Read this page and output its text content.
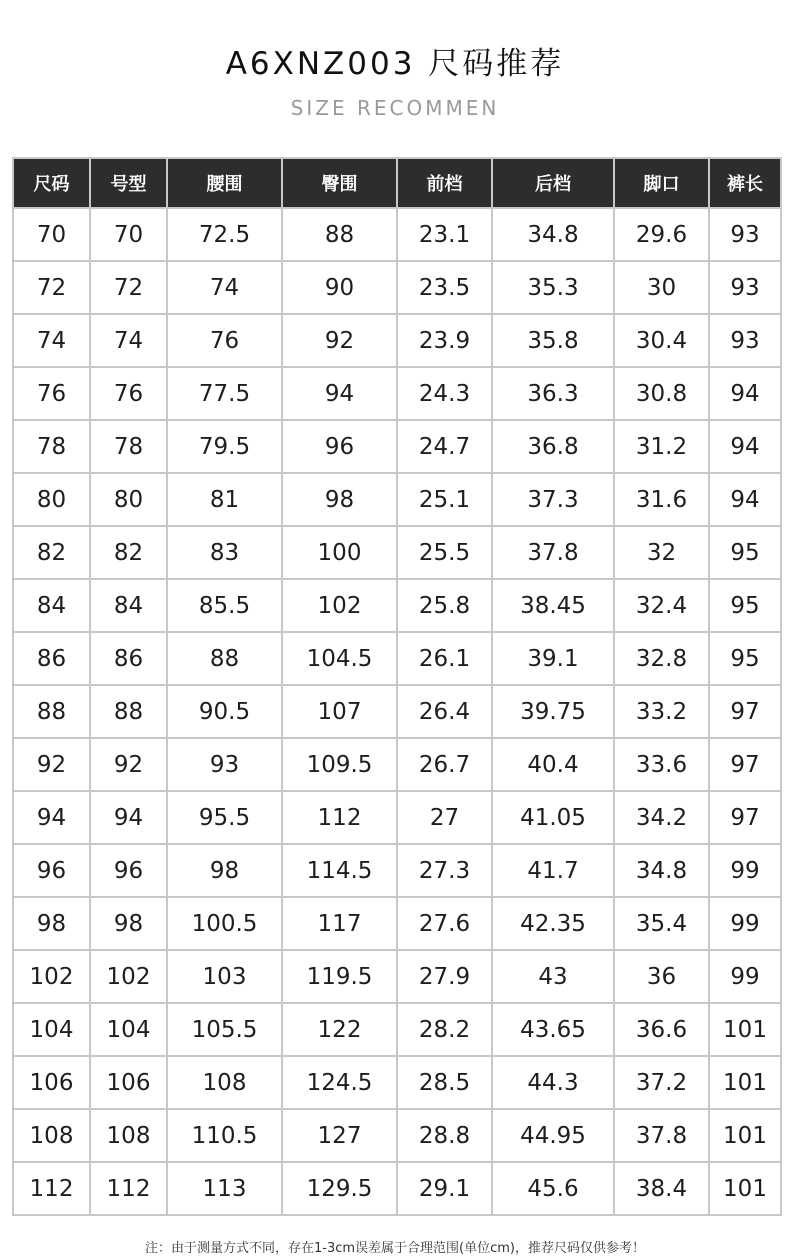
A6XNZ003 尺码推荐
SIZE RECOMMEN
尺码	号型	腰围	臀围	前档	后档	脚口	裤长
70	70	72.5	88	23.1	34.8	29.6	93
72	72	74	90	23.5	35.3	30	93
74	74	76	92	23.9	35.8	30.4	93
76	76	77.5	94	24.3	36.3	30.8	94
78	78	79.5	96	24.7	36.8	31.2	94
80	80	81	98	25.1	37.3	31.6	94
82	82	83	100	25.5	37.8	32	95
84	84	85.5	102	25.8	38.45	32.4	95
86	86	88	104.5	26.1	39.1	32.8	95
88	88	90.5	107	26.4	39.75	33.2	97
92	92	93	109.5	26.7	40.4	33.6	97
94	94	95.5	112	27	41.05	34.2	97
96	96	98	114.5	27.3	41.7	34.8	99
98	98	100.5	117	27.6	42.35	35.4	99
102	102	103	119.5	27.9	43	36	99
104	104	105.5	122	28.2	43.65	36.6	101
106	106	108	124.5	28.5	44.3	37.2	101
108	108	110.5	127	28.8	44.95	37.8	101
112	112	113	129.5	29.1	45.6	38.4	101
注：由于测量方式不同，存在1-3cm误差属于合理范围(单位cm)，推荐尺码仅供参考！
